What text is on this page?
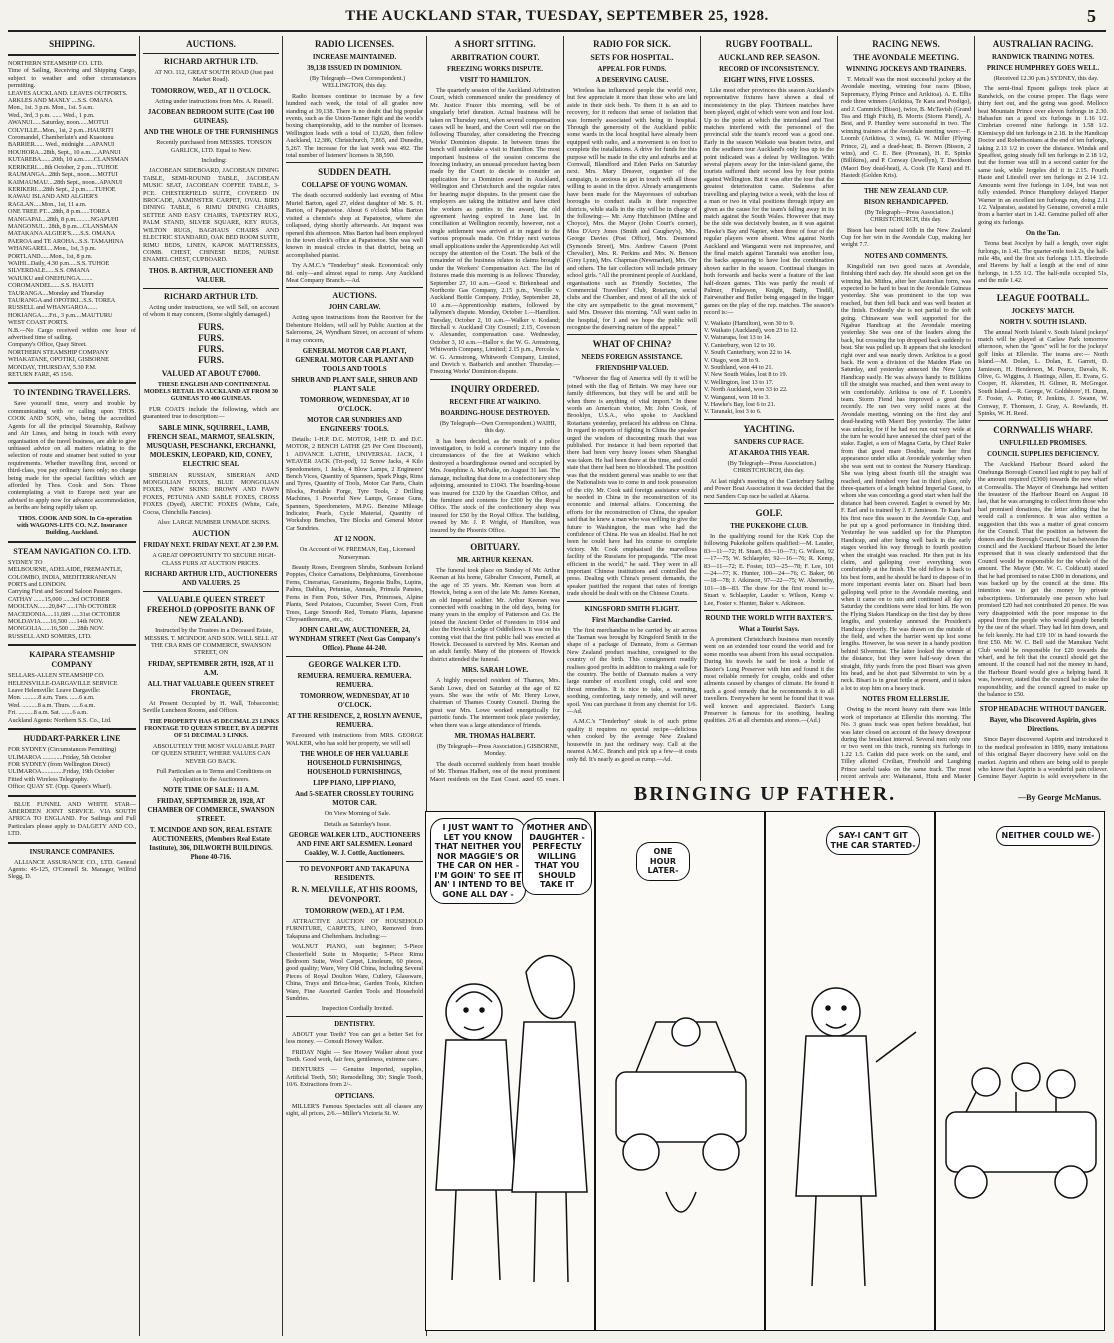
THE AUCKLAND STAR, TUESDAY, SEPTEMBER 25, 1928.	5
SHIPPING.
NORTHERN STEAMSHIP CO. LTD.
Time of Sailing, Receiving and Shipping Cargo, subject to weather and other circumstances permitting.
LEAVES AUCKLAND. LEAVES OUTPORTS.
ARKLES AND MANLY ....S.S. OMANA
Mon., 1st. 3 p.m. Mon., 1st. 5 a.m.
Wed., 3rd, 3 p.m. ...... Wed., 1 p.m.
AWANUI......Saturday, noon......MOTUI
COLVILLE...Mon., 1st, 2 p.m...HAURITI
Coromandel, Chamberlain's and Kuaotunu
BARRIER...... Wed., midnight ....APANUI
HOUHORA...28th, Sept., 10 a.m.....APANUI
KUTAREBA.......20th, 10 a.m.......CLANSMAN
KERIKERI.....8th October, 2 p.m....TUHOE
RAUMANGA...28th Sept., noon.....MOTUI
KAIMAUMAU....28th Sept., noon...APANUI
KERIKERI....28th Sept., 2 p.m......TUHOE
KAWAU ISLAND AND ALGIER'S
RAGLAN.....Mon., 1st, 11 a.m.
ONE TREE PT....28th, 8 p.m......TOREA
MANGAPAI....28th, 8 p.m..........NGAPUHI
MANGONUI... 28th, 8 p.m....CLANSMAN
MATAKANA ALGIER'S......S.S. OMANA
PAEROA and TE AROHA...S.S. TAMAHINA
WHANGAREI.....Mon., 1st, 3 p.m.
PORTLAND......Mon., 1st, 8 p.m.
WAIHI...Daily, 4.30 p.m.....S.S. TUHOE
SILVERDALE......S.S. OMANA
WAIUKU and ONEHUNGA........
COROMANDEL......S.S. HAUITI
TAURANGA....Monday and Thursday
TAURANGA and OPOTIKI...S.S. TOREA
RUSSELL and WHANGAROA......
HOKIANGA.....Fri., 3 p.m....MAUTURU
WEST COAST PORTS.
N.B.—No Cargo received within one hour of advertised time of sailing.
Company's Office, Quay Street.
NORTHERN STEAMSHIP COMPANY
WHAKATANE, OPOTIKI, GISBORNE
MONDAY, THURSDAY, 5.30 P.M.
RETURN FARE, 45 15/6.
TO INTENDING TRAVELLERS.

Save yourself time, worry and trouble by communicating with or calling upon THOS. COOK AND SON, who, being the accredited Agents for all the principal Steamship, Railway and Air Lines, and being in touch with every organisation of the travel business, are able to give unbiased advice on all matters relating to the selection of route and steamer best suited to your requirements. Whether travelling first, second or third-class, you pay ordinary fares only; no charge being made for the special facilities which are afforded by Thos. Cook and Son. Those contemplating a visit to Europe next year are advised to apply now for advance accommodation, as berths are being rapidly taken up.

THOS. COOK AND SON. In Co-operation with WAGONS-LITS CO. N.Z. Insurance Building, Auckland.

STEAM NAVIGATION CO. LTD.
SYDNEY TO
MELBOURNE, ADELAIDE, FREMANTLE,
COLOMBO, INDIA, MEDITERRANEAN
PORTS and LONDON.
Carrying First and Second Saloon Passengers.
CATHAY .......15,000 .....3rd OCTOBER
MOOLTAN.......20,847 .....17th OCTOBER
MACEDONIA.....11,089 .....31st OCTOBER
MOLDAVIA......16,500 .....14th NOV.
MONGOLIA......16,500 .....28th NOV.
RUSSELL AND SOMERS, LTD.
KAIPARA STEAMSHIP COMPANY
SELLARS-ALLEN STEAMSHIP CO.
HELENSVILLE-DARGAVILLE SERVICE
Leave Helensville: Leave Dargaville:
Mon. ..........8 a.m. Tues. ......6 a.m.
Wed. ..........8 a.m. Thurs. .....6 a.m.
Fri. ..........8 a.m. Sat. .......6 a.m.
Auckland Agents: Northern S.S. Co., Ltd.
HUDDART-PARKER LINE
FOR SYDNEY (Circumstances Permitting)
ULIMAROA .............Friday, 5th October
FOR SYDNEY (from Wellington Direct)
ULIMAROA..............Friday, 19th October
Fitted with Wireless Telegraphy.
Office: QUAY ST. (Opp. Queen's Wharf).

BLUE FUNNEL AND WHITE STAR—ABERDEEN JOINT SERVICE. VIA SOUTH AFRICA TO ENGLAND. For Sailings and Full Particulars please apply to DALGETY AND CO., LTD.

INSURANCE COMPANIES.

ALLIANCE ASSURANCE CO., LTD. General Agents: 45-125, O'Connell St. Manager, Wilfrid Slegg, D.

AUCTIONS.
RICHARD ARTHUR LTD.

AT NO. 112, GREAT SOUTH ROAD (Just past Market Road).

TOMORROW, WED., AT 11 O'CLOCK.

Acting under instructions from Mrs. A. Russell.

JACOBEAN BEDROOM SUITE (Cost 100 GUINEAS).
AND THE WHOLE OF THE FURNISHINGS

Recently purchased from MESSRS. TONSON GARLICK, LTD. Equal to New.

Including:

JACOBEAN SIDEBOARD, JACOBEAN DINING TABLE, SEMI-ROUND TABLE, JACOBEAN MUSIC SEAT, JACOBEAN COFFEE TABLE, 3-PCE. CHESTERFIELD SUITE, COVERED IN BROCADE, AXMINSTER CARPET, OVAL BIRD DINING TABLE, 6 RIMU DINING CHAIRS, SETTEE AND EASY CHAIRS, TAPESTRY RUG, PALM STAND, SILVER SQUARE, KEY RUGS, WILTON RUGS, BAGHAUS CHAIRS AND ELECTRIC STANDARD, OAK BED ROOM SUITE, RIMU BEDS, LINEN, KAPOK MATTRESSES, COMB. CHEST, CHINESE BEDS, NURSE ENAMEL CHEST, CUPBOARD.

THOS. B. ARTHUR, AUCTIONEER AND VALUER.
RICHARD ARTHUR LTD.

Acting under instructions, we will Sell, on account of whom it may concern, (Some slightly damaged.)

FURS.
FURS.
FURS.
FURS.
VALUED AT ABOUT £7000.

THESE ENGLISH AND CONTINENTAL MODELS RETAIL IN AUCKLAND AT FROM 30 GUINEAS TO 400 GUINEAS.

FUR COATS include the following, which are guaranteed true to description:—

SABLE MINK, SQUIRREL, LAMB, FRENCH SEAL, MARMOT, SEALSKIN, MUSQUASH, PESCHANKI, ERCHANKI, MOLESKIN, LEOPARD, KID, CONEY, ELECTRIC SEAL

SIBERIAN RUSSIAN, SIBERIAN AND MONGOLIAN FOXES, BLUE MONGOLIAN FOXES, NEW SKINS: BROWN AND FAWN FOXES, PETUNIA AND SABLE FOXES, CROSS FOXES (Dyed), ARCTIC FOXES (White, Cafe, Cocoa, Chinchilla Fancies).

Also: LARGE NUMBER UNMADE SKINS.

AUCTION
FRIDAY NEXT. FRIDAY NEXT. AT 2.30 P.M.

A GREAT OPPORTUNITY TO SECURE HIGH-CLASS FURS AT AUCTION PRICES.

RICHARD ARTHUR LTD., AUCTIONEERS AND VALUERS. 25
VALUABLE QUEEN STREET FREEHOLD (OPPOSITE BANK OF NEW ZEALAND).

Instructed by the Trustees in a Deceased Estate, MESSRS. T. MCINDOE AND SON. WILL SELL AT THE CRA RMS OF COMMERCE, SWANSON STREET, ON

FRIDAY, SEPTEMBER 28TH, 1928, AT 11 A.M.
ALL THAT VALUABLE QUEEN STREET FRONTAGE,

At Present Occupied by H. Wall, Tobacconist; Seville Luncheon Rooms, and Offices.

THE PROPERTY HAS 45 DECIMAL 23 LINKS FRONTAGE TO QUEEN STREET, BY A DEPTH OF 51 DECIMAL 3 LINKS.

ABSOLUTELY THE MOST VALUABLE PART OF QUEEN STREET, WHERE VALUES CAN NEVER GO BACK.

Full Particulars as to Terms and Conditions on Application to the Auctioneers.

NOTE TIME OF SALE: 11 A.M.
FRIDAY, SEPTEMBER 28, 1928, AT CHAMBER OF COMMERCE, SWANSON STREET.
T. MCINDOE AND SON, REAL ESTATE AUCTIONEERS, (Members Real Estate Institute), 306, DILWORTH BUILDINGS. Phone 40-716.
RADIO LICENSES.
INCREASE MAINTAINED.
39,138 ISSUED IN DOMINION.

(By Telegraph—Own Correspondent.) WELLINGTON, this day.

Radio licenses continue to increase by a few hundred each week, the total of all grades now standing at 39,138. There is no doubt that big popular events, such as the Union-Tanner fight and the world's boxing championship, add to the number of licenses. Wellington leads with a total of 13,620, then follow Auckland, 12,386, Christchurch, 7,865, and Dunedin, 5,267. The increase for the last week was 492. The total number of listeners' licenses is 38,590.

SUDDEN DEATH.
COLLAPSE OF YOUNG WOMAN.

The death occurred suddenly last evening of Miss Muriel Barton, aged 27, eldest daughter of Mr. S. H. Barton, of Papatoetoe. About 6 o'clock Miss Barton visited a chemist's shop at Papatoetoe, where she collapsed, dying shortly afterwards. An inquest was opened this afternoon. Miss Barton had been employed in the town clerk's office at Papatoetoe. She was well known in musical circles in that district, being an accomplished pianist.

Try A.M.C.'s "Tenderbuy" steak. Economical: only 8d. only—and almost equal to rump. Any Auckland Meat Company Branch.—Ad.

AUCTIONS.
JOHN CARLAW.

Acting upon instructions from the Receiver for the Debenture Holders, will sell by Public Auction at the Salerooms, 24, Wyndham Street, on account of whom it may concern,

GENERAL MOTOR CAR PLANT, GENERAL MOTOR CAR PLANT AND TOOLS AND TOOLS
SHRUB AND PLANT SALE, SHRUB AND PLANT SALE
TOMORROW, WEDNESDAY, AT 10 O'CLOCK.
MOTOR CAR SUNDRIES AND ENGINEERS' TOOLS.

Details: 1-H.P. D.C. MOTOR, 1-HP. D. and D.C. MOTOR, 2 BENCH LATHE (25 Per Cent Discount), 1 ADVANCE LATHE, UNIVERSAL JACK, 1 WEAVER JACK (Tri-pod), 12 Screw Jacks, 4 Kilo Speedometers, 1 Jacks, 4 Blow Lamps, 2 Engineers' Bench Vices, Quantity of Spanners, Spark Plugs, Rims and Tyres, Quantity of Tools, Motor Car Parts, Chain Blocks, Portable Forge, Tyre Tools, 2 Drilling Machines, 1 Powerful New Lamps, Grease Guns, Spanners, Speedometers, M.P.G. Benzine Mileage Indicator, Pearls, Cycle Material, Quantity of Workshop Benches, Tire Blocks and General Motor Car Sundries.

AT 12 NOON.

On Account of W. FREEMAN, Esq., Licensed Nurseryman.

Beauty Roses, Evergreen Shrubs, Sunbeam Iceland Poppies, Choice Carnations, Delphiniums, Greenhouse Ferns, Cinerarias, Geraniums, Begonia Bulbs, Lupins, Palms, Dahlias, Petunias, Annuals, Primula Pansies, Ferns in Fern Pots, Silver Firs, Primroses, Alpine Plants, Seed Potatoes, Cucumber, Sweet Corn, Fruit Trees, Large Smooth Red, Tomato Plants, Japanese Chrysanthemums, etc., etc.

JOHN CARLAW, AUCTIONEER, 24, WYNDHAM STREET (Next Gas Company's Office). Phone 44-240.
GEORGE WALKER LTD.
REMUERA. REMUERA. REMUERA. REMUERA.
TOMORROW, WEDNESDAY, AT 10 O'CLOCK.
AT THE RESIDENCE, 2, ROSLYN AVENUE, REMUERA.

Favoured with instructions from MRS. GEORGE WALKER, who has sold her property, we will sell

THE WHOLE OF HER VALUABLE HOUSEHOLD FURNISHINGS, HOUSEHOLD FURNISHINGS,
LIPP PIANO, LIPP PIANO,
And 5-SEATER CROSSLEY TOURING MOTOR CAR.

On View Morning of Sale.

Details as Saturday's Issue.

GEORGE WALKER LTD., AUCTIONEERS AND FINE ART SALESMEN. Leonard Coakley, W. J. Cottle, Auctioneers.
TO DEVONPORT AND TAKAPUNA RESIDENTS.
R. N. MELVILLE, AT HIS ROOMS, DEVONPORT.
TOMORROW (WED.), AT 1 P.M.

ATTRACTIVE AUCTION OF HOUSEHOLD FURNITURE, CARPETS, LINO, Removed from Takapuna and Cheltenham. Including:—

WALNUT PIANO, suit beginner; 5-Piece Chesterfield Suite in Moquette; 5-Piece Rimu Bedroom Suite, Wool Carpet, Linoleum, 60 pieces, good quality; Ware, Very Old China, Including Several Pieces of Royal Doulton Ware, Cutlery, Glassware, China, Trays and Brica-brac, Garden Tools, Kitchen Ware, Fine Assorted Garden Tools and Household Sundries.

Inspection Cordially Invited.

DENTISTRY.

ABOUT your Teeth? You can get a better Set for less money. — Consult Howey Walker.

FRIDAY Night — See Howey Walker about your Teeth. Good work, fair fees, gentleness, extreme care.

DENTURES — Genuine Imported, supplies, Artificial Teeth, 50/; Remodelling, 30/; Single Tooth, 10/6. Extractions from 2/-.

OPTICIANS.

MILLER'S Famous Spectacles suit all classes any sight, all prices, 2/6.—Miller's Victoria St. W.

A SHORT SITTING.
ARBITRATION COURT.
FREEZING WORKS DISPUTE.
VISIT TO HAMILTON.

The quarterly session of the Auckland Arbitration Court, which commenced under the presidency of Mr. Justice Frazer this morning, will be of singularly brief duration. Actual business will be taken on Thursday next, when several compensation cases will be heard, and the Court will rise on the following Thursday, after considering the Freezing Works' Dominion dispute. In between times the bench will undertake a visit to Hamilton. The most important business of the session concerns the freezing industry, an unusual procedure having been made by the Court to decide to consider an application for a Dominion award in Auckland, Wellington and Christchurch and the regular rates for hearing major disputes. In the present case the employers are taking the initiative and have cited the workers as parties to the award, the old agreement having expired in June last. In conciliation at Wellington recently, however, not a single settlement was arrived at in regard to the various proposals made. On Friday next various small applications under the Apprenticeship Act will occupy the attention of the Court. The bulk of the remainder of the business relates to claims brought under the Workers' Compensation Act. The list of fixtures made this morning is as follows: Thursday, September 27, 10 a.m.—Good v. Birkenhead and Northcote Gas Company, 2.15 p.m., Vercille v. Auckland Bottle Company. Friday, September 28, 10 a.m.—Apprenticeship matters, followed by tallymen's dispute. Monday, October 1.—Hamilton. Tuesday, October 2, 10 a.m.—Walker v. Kodand; Birchall v. Auckland City Council; 2.15, Coverson v. Alexander, compensation case. Wednesday, October 3, 10 a.m.—Hallor v. the W. G. Armstrong, Whitworth Company, Limited; 2.15 p.m., Percola v. W. G. Armstrong, Whitworth Company, Limited, and Dovich v. Batbarich and another. Thursday.—Freezing Works' Dominion dispute.

INQUIRY ORDERED.
RECENT FIRE AT WAIKINO.
BOARDING-HOUSE DESTROYED.

(By Telegraph—Own Correspondent.) WAIHI, this day.

It has been decided, as the result of a police investigation, to hold a coroner's inquiry into the circumstances of the fire at Waikino which destroyed a boardinghouse owned and occupied by Mrs. Josephine A. McPaike, on August 31 last. The damage, including that done to a confectionery shop adjoining, amounted to £1043. The boarding-house was insured for £320 by the Guardian Office, and the furniture and contents for £300 by the Royal Office. The stock of the confectionery shop was insured for £50 by the Royal Office. The building, owned by Mr. J. P. Wright, of Hamilton, was insured by the Phoenix Office.

OBITUARY.
MR. ARTHUR KEENAN.

The funeral took place on Sunday of Mr. Arthur Keenan at his home, Gibralter Crescent, Parnell, at the age of 35 years. Mr. Keenan was born at Howick, being a son of the late Mr. James Keenan, an old Imperial soldier. Mr. Arthur Keenan was connected with coaching in the old days, being for many years in the employ of Patterson and Co. He joined the Ancient Order of Foresters in 1914 and also the Howick Lodge of Oddfellows. It was on his coming visit that the first public hall was erected at Howick. Deceased is survived by Mrs. Keenan and an adult family. Many of the pioneers of Howick district attended the funeral.

MRS. SARAH LOWE.

A highly respected resident of Thames, Mrs. Sarah Lowe, died on Saturday at the age of 82 years. She was the wife of Mr. Henry Lowe, chairman of Thames County Council. During the great war Mrs. Lowe worked energetically for patriotic funds. The interment took place yesterday, when there was a large attendance of friends.

MR. THOMAS HALBERT.

(By Telegraph—Press Association.) GISBORNE, Monday.

The death occurred suddenly from heart trouble of Mr. Thomas Halbert, one of the most prominent Maori residents on the East Coast, aged 65 years.

RADIO FOR SICK.
SETS FOR HOSPITAL.
APPEAL FOR FUNDS.
A DESERVING CAUSE.

Wireless has influenced people the world over, but few appreciate it more than those who are laid aside in their sick beds. To them it is an aid to recovery, for it reduces that sense of isolation that was formerly associated with being in hospital. Through the generosity of the Auckland public some wards in the local hospital have already been equipped with radio, and a movement is on foot to complete the installations. A drive for funds for this purpose will be made in the city and suburbs and at Cornwall, Blandford and Eden Parks on Saturday next. Mrs. Mary Dreaver, organiser of the campaign, is anxious to get in touch with all those willing to assist in the drive. Already arrangements have been made for the Mayoresses of suburban boroughs to conduct stalls in their respective districts, while stalls in the city will be in charge of the following:— Mr. Amy Hutchinson (Milne and Choyce), Mrs. the Mayor (John Court's corner), Miss D'Arcy Jones (Smith and Caughey's), Mrs. George Davies (Post Office), Mrs. Desmond (Symonds Street), Mrs. Andrew Casson (Point Chevalier), Mrs. R. Perkins and Mrs. N. Benson (Grey Lynn), Mrs. Chapman (Newmarket), Mrs. Orr and others. The fair collectors will include primary school girls. "All the prominent people of Auckland, organisations such as Friendly Societies, The Commercial Travellers' Club, Rotarians, social clubs and the Chamber, and most of all the sick of the city are sympathetic to the great movement," said Mrs. Dreaver this morning. "All want radio in the hospital, for I and we hope the public will recognise the deserving nature of the appeal."

WHAT OF CHINA?
NEEDS FOREIGN ASSISTANCE.
FRIENDSHIP VALUED.

"Whoever the flag of America will fly it will be joined with the flag of Britain. We may have our family differences, but they will be and still be when there is anything of vital import." In these words an American visitor, Mr. John Cook, of Brooklyn, U.S.A., who spoke to Auckland Rotarians yesterday, prefaced his address on China. In regard to reports of fighting in China the speaker urged the wisdom of discounting much that was published. For instance it had been reported that there had been very heavy losses when Shanghai was taken. He had been there at the time, and could state that there had been no bloodshed. The position was that the resident general was unable to see that the Nationalists was to come in and took possession of the city. Mr. Cook said foreign assistance would be needed in China in the reconstruction of its economic and internal affairs. Concerning the efforts for the reconstruction of China, the speaker said that he knew a man who was willing to give the future to Washington, the man who had the confidence of China. He was an idealist. Had he not been he could have had his course to complete victory. Mr. Cook emphasised the marvellous facility of the Russians for propaganda. "The most efficient in the world," he said. They were in all important Chinese institutions and controlled the press. Dealing with China's present demands, the speaker justified the request that rates of foreign trade should be dealt with on the Chinese Courts.

KINGSFORD SMITH FLIGHT.
First Marchandise Carried.

The first merchandise to be carried by air across the Tasman was brought by Kingsford Smith in the shape of a package of Dannato, from a German New Zealand product machine, consigned to the country of the birth. This consignment readily realises good profits in addition to making a sale for the country. The bottle of Dannato makes a very large number of excellent cough, cold and sore throat remedies. It is nice to take, a warming, soothing, comforting, tasty remedy, and will never spoil. You can purchase it from any chemist for 1/6.—Ad.

A.M.C.'s "Tenderbuy" steak is of such prime quality it requires no special recipe—delicious when cooked by the average New Zealand housewife in just the ordinary way. Call at the nearest A.M.C. Branch and pick up a few—it costs only 8d. It's nearly as good as rump.—Ad.

RUGBY FOOTBALL.
AUCKLAND REP. SEASON.
RECORD OF INCONSISTENCY.
EIGHT WINS, FIVE LOSSES.

Like most other provinces this season Auckland's representative fixtures have shown a deal of inconsistency in the play. Thirteen matches have been played, eight of which were won and four lost. Up to the point at which the interisland and Test matches interfered with the personnel of the provincial side the team's record was a good one. Early in the season Waikato was beaten twice, and on the southern tour Auckland's only loss up to the point indicated was a defeat by Wellington. With several players away for the inter-island game, the tourists suffered their second loss by four points against Wellington. But it was after the tour that the greatest deterioration came. Staleness after travelling and playing twice a week, with the loss of a man or two in vital positions through injury are given as the cause for the team's falling away in its match against the South Wales. However that may be the side was decisively beaten, as it was against Hawke's Bay and Napier, when three of four of the regular players were absent. Wins against North Auckland and Wanganui were not impressive, and the final match against Taranaki was another loss, the backs appearing to have lost the combination shown earlier in the season. Continual changes in both forwards and backs were a feature of the last half-dozen games. This was partly the result of Palmer, Finlayson, Knight, Batty, Tindill, Fairweather and Butler being engaged in the bigger games on the play of the rep. matches. The season's record is:—

V. Waikato (Hamilton), won 30 to 9.
V. Waikato (Auckland), won 23 to 12.
V. Wairarapa, lost 13 to 14.
V. Canterbury, won 12 to 10.
V. South Canterbury, won 22 to 14.
V. Otago, won 28 to 9.
V. Southland, won 44 to 21.
V. New South Wales, lost 8 to 19.
V. Wellington, lost 13 to 17.
V. North Auckland, won 33 to 22.
V. Wanganui, won 18 to 3.
V. Hawke's Bay, lost 6 to 21.
V. Taranaki, lost 3 to 6.
YACHTING.
SANDERS CUP RACE.
AT AKAROA THIS YEAR.

(By Telegraph—Press Association.) CHRISTCHURCH, this day.

At last night's meeting of the Canterbury Sailing and Power Boat Association it was decided that the next Sanders Cup race be sailed at Akaroa.

GOLF.
THE PUKEKOHE CLUB.

In the qualifying round for the Kirk Cup the following Pukekohe golfers qualified:—M. Lauder, 83—11—72; H. Stuart, 83—10—73; G. Wilson, 92—17—75; W. Schlaepfer, 92—16—76; R. Kemp, 83—11—72; E. Foster, 103—25—78; F. Lee, 101—24—77; K. Hunter, 100—24—76; C. Baker, 96—18—78; J. Atkinson, 97—22—75; W. Abernethy, 101—18—83. The draw for the first round is:—Stuart v. Schlaepfer, Lauder v. Wilson, Kemp v. Lee, Foster v. Hunter, Baker v. Atkinson.

ROUND THE WORLD WITH BAXTER'S.
What a Tourist Says.

A prominent Christchurch business man recently went on an extended tour round the world and for some months was absent from his usual occupation. During his travels he said he took a bottle of Baxter's Lung Preserver with him and found it the most reliable remedy for coughs, colds and other ailments caused by changes of climate. He found it such a good remedy that he recommends it to all travellers. Everywhere he went he found that it was well known and appreciated. Baxter's Lung Preserver is famous for its soothing, healing qualities. 2/6 at all chemists and stores.—(Ad.)

RACING NEWS.
THE AVONDALE MEETING.
WINNING JOCKEYS AND TRAINERS.

T. Metcalf was the most successful jockey at the Avondale meeting, winning four races (Bisso, Supremacy, Flying Prince and Arikitoa). A. E. Ellis rode three winners (Arikitoa, Te Kara and Prodigo), and J. Cammick (Bisso), twice, B. McTavish (Grand Tea and High Fitch), B. Morris (Storm Fiend), A. Best, and P. Huntley were successful in two. The winning trainers at the Avondale meeting were:—F. Loomb (Arikitoa, 3 wins), G. W. Miller (Flying Prince, 2), and a dead-heat; B. Brown (Bisson, 2 wins), and C. E. Bee (Prosnan), H. E. Spinks (Billikins), and P. Conway (Jewellyn), T. Davidson (Maori Boy dead-heat), A. Cook (Te Kara) and H. Hastedt (Golden Kris).

THE NEW ZEALAND CUP.
BISON REHANDICAPPED.

(By Telegraph—Press Association.) CHRISTCHURCH, this day.

Bison has been raised 10lb in the New Zealand Cup for her win in the Avondale Cup, making her weight 7.7.

NOTES AND COMMENTS.

Kingsfield ran two good races at Avondale, finishing third each day. He should soon get on the winning list. Mithra, after her Australian form, was expected to be hard to beat in the Avondale Guineas yesterday. She was prominent to the top was reached, but then fell back and was well beaten at the finish. Evidently she is not partial to the soft going. Chinaware was well supported for the Ngahue Handicap at the Avondale meeting yesterday. She was one of the leaders along the back, but crossing the top dropped back suddenly to beat. She was pulled up. It appears that she knocked right over and was nearly down. Arikitoa is a good back. He won a division of the Maiden Plate on Saturday, and yesterday annexed the New Lynn Handicap easily. He was always handy to Billikins till the straight was reached, and then went away to win comfortably. Arikitoa is one of F. Loomb's team. Storm Fiend has improved a great deal recently. He ran two very solid races at the Avondale meeting, winning on the first day and dead-heating with Maori Boy yesterday. The latter was unlucky, for if he had not run out very wide at the turn he would have annexed the chief part of the stake. Eaglet, a son of Magna Carta, by Chief Ruler from that good mare Double, made her first appearance under silks at Avondale yesterday when she was sent out to contest the Nursery Handicap. She was lying about fourth till the straight was reached, and finished very fast in third place, only three-quarters of a length behind Imperial Guest, to whom she was conceding a good start when half the distance had been covered. Eaglet is owned by Mr. F. Earl and is trained by J. F. Jamieson. Te Kara had his first race this season in the Avondale Cup, and he put up a good performance in finishing third. Yesterday he was saddled up for the Plumpton Handicap, and after being well back in the early stages worked his way through to fourth position when the straight was reached. He then put in his claim, and galloping over everything won comfortably at the finish. The old fellow is back to his best form, and he should be hard to dispose of in more important events later on. Bisari had been galloping well prior to the Avondale meeting, and when it came on to rain and continued all day on Saturday the conditions were ideal for him. He won the Flying Stakes Handicap on the first day by three lengths, and yesterday annexed the President's Handicap cleverly. He was drawn on the outside of the field, and when the barrier went up lost some lengths. However, he was never in a handy position behind Silvermist. The latter looked the winner at the distance, but they were half-way down the straight, fifty yards from the post Bisari was given his head, and he shot past Silvermist to win by a neck. Bisari is in great fettle at present, and it takes a lot to stop him on a heavy track.

NOTES FROM ELLERSLIE.

Owing to the recent heavy rain there was little work of importance at Ellerslie this morning. The No. 3 grass track was open before breakfast, but was later closed on account of the heavy downpour during the breakfast interval. Several men only one or two went on this track, running six furlongs in 1.22 1.5. Catkin did pace work on the sand, and Tilley allotted Civilian, Freehold and Laughing Prince useful tasks on the same track. The most recent arrivals are: Waitananui, Hutu and Master

AUSTRALIAN RACING.
RANDWICK TRAINING NOTES.
PRINCE HUMPHREY GOES WELL.

(Received 12.30 p.m.) SYDNEY, this day.

The semi-final Epsom gallops took place at Randwick, on the course proper. The flags were thirty feet out, and the going was good. Molloco beat Mountain Prince over eleven furlongs in 2.30. Habasfun ran a good six furlongs in 1.16 1/2. Cimbrian covered nine furlongs in 1.58 1/2. Kiemiscyp did ten furlongs in 2.18. In the Handicap Doctor and Robertsonians at the end of ten furlongs, taking 2.13 1/2 to cover the distance. Windak and Speaffest, going steady fell ten furlongs in 2.18 1/2, but the former was still in a second canter for the same task, while Jergeles did it in 2.15. Fourth Haste and Ltiesfell over ten furlongs in 2.14 1/2. Amounts went five furlongs in 1.04, but was not fully extended. Prince Humphrey delayed Harper Warner in an excellent ten furlongs run, doing 2.11 1/2. Valparaiso, assisted by Genuine, covered a mile from a barrier start in 1.42. Genuine pulled off after going six furlongs.

On the Tan.

Teona beat Jocelyn by half a length, over eight furlongs, in 1.41. The quarter-mile took 2s, the half-mile 48s, and the first six furlongs 1.15. Electrode and Havens by half a length at the end of nine furlongs, in 1.55 1/2. The half-mile occupied 51s, and the mile 1.42.

LEAGUE FOOTBALL.
JOCKEYS' MATCH.
NORTH V. SOUTH ISLAND.

The annual North Island v. South Island jockeys' match will be played at Carlaw Park tomorrow afternoon, when the "goes" will be for the jockeys' golf links at Ellerslie. The teams are:— North Island.—M. Dolan, L. Dolan, E. Garrett, D. Jamieson, H. Henderson, M. Pearce, Davalo, K. Olive, G. Wiggins, J. Hastings, Allen, E. Evans, G. Cooper, H. Akerstien, H. Gilmer, R. McGregor. South Island.—R. George, W. Goldsboro', H. Dunn, F. Foster, A. Potter, P. Jenkins, J. Swann, W. Conway, F. Thomson, J. Gray, A. Rowlands, H. Spinks, W. H. Reed.

CORNWALLIS WHARF.
UNFULFILLED PROMISES.
COUNCIL SUPPLIES DEFICIENCY.

The Auckland Harbour Board asked the Onehunga Borough Council last night to pay half of the amount required (£300) towards the new wharf at Cornwallis. The Mayor of Onehunga had written the treasurer of the Harbour Board on August 18 last, that he was arranging to collect from those who had promised donations, the letter adding that he would call a conference. It was also written a suggestion that this was a matter of great concern for the Council. That the position as between the donors and the Borough Council, but as between the council and the Auckland Harbour Board the letter expressed that it was clearly understood that the Council would be responsible for the whole of the amount. The Mayor (Mr. W. C. Coldicutt) stated that he had promised to raise £300 in donations, and was backed up by the council at the time. His intention was to get the money by private subscriptions. Unfortunately one person who had promised £20 had not contributed 20 pence. He was very disappointed with the poor response to the appeal from the people who would greatly benefit by the use of the wharf. They had let him down, and he felt keenly. He had £19 10/ in hand towards the first £50. Mr. W. C. Bell said the Manukau Yacht Club would be responsible for £20 towards the wharf, and he felt that the council should get the amount. If the council had not the money in hand, the Harbour Board would give a helping hand. It was, however, stated that the council had to take the responsibility, and the council agreed to make up the balance to £50.

STOP HEADACHE WITHOUT DANGER.
Bayer, who Discovered Aspirin, gives Directions.

Since Bayer discovered Aspirin and introduced it to the medical profession in 1899, many imitations of this original Bayer discovery have sold on the market. Aspirin and others are being sold to people who know that Aspirin is a wonderful pain reliever. Genuine Bayer Aspirin is sold everywhere in the

BRINGING UP FATHER.	—By George McManus.
I JUST WANT TO LET YOU KNOW THAT NEITHER YOU NOR MAGGIE'S OR THE CAR ON HER - I'M GOIN' TO SEE IT AN' I INTEND TO BE GONE ALL DAY -
MOTHER AND DAUGHTER - PERFECTLY WILLING THAT YOU SHOULD TAKE IT
ONE HOUR LATER-
SAY-I CAN'T GIT THE CAR STARTED-
NEITHER COULD WE-
